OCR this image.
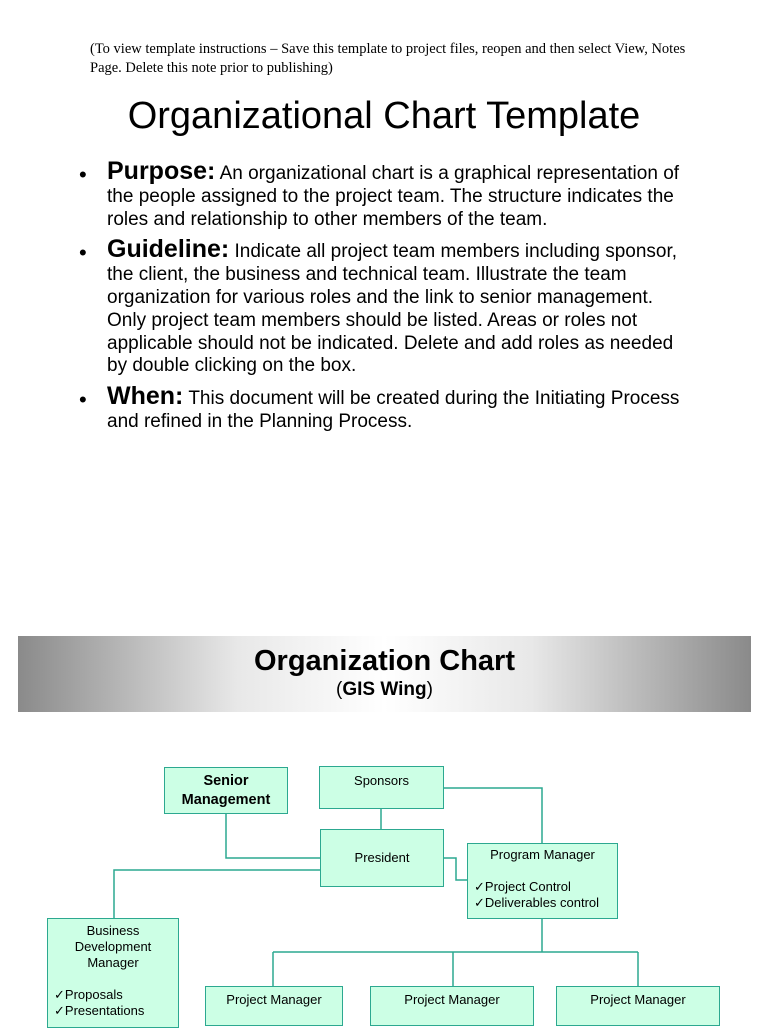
(To view template instructions – Save this template to project files, reopen and then select View, Notes Page. Delete this note prior to publishing)
Organizational Chart Template
• Purpose: An organizational chart is a graphical representation of the people assigned to the project team. The structure indicates the roles and relationship to other members of the team.
• Guideline: Indicate all project team members including sponsor, the client, the business and technical team. Illustrate the team organization for various roles and the link to senior management. Only project team members should be listed. Areas or roles not applicable should not be indicated. Delete and add roles as needed by double clicking on the box.
• When: This document will be created during the Initiating Process and refined in the Planning Process.
Organization Chart
(GIS Wing)
Senior Management
Sponsors
President	Program Manager
✓Project Control
✓Deliverables control
Business Development Manager
✓Proposals
✓Presentations
Project Manager	Project Manager	Project Manager
